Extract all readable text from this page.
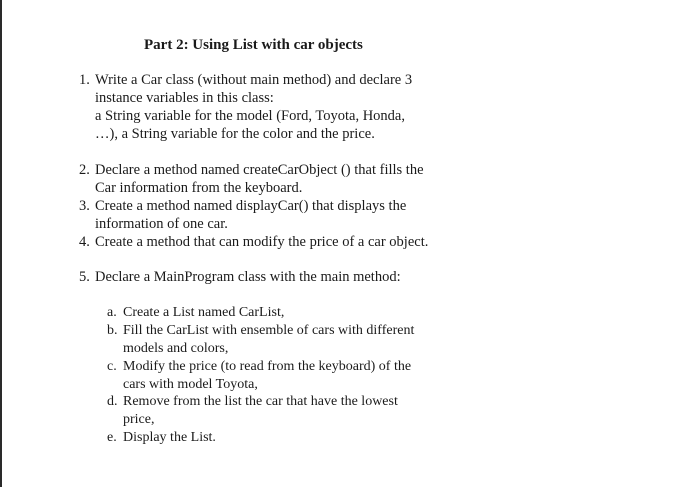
Part 2: Using List with car objects
1. Write a Car class (without main method) and declare 3
instance variables in this class:
a String variable for the model (Ford, Toyota, Honda,
…), a String variable for the color and the price.
2. Declare a method named createCarObject () that fills the
Car information from the keyboard.
3. Create a method named displayCar() that displays the
information of one car.
4. Create a method that can modify the price of a car object.
5. Declare a MainProgram class with the main method:
a. Create a List named CarList,
b. Fill the CarList with ensemble of cars with different
models and colors,
c. Modify the price (to read from the keyboard) of the
cars with model Toyota,
d. Remove from the list the car that have the lowest
price,
e. Display the List.
